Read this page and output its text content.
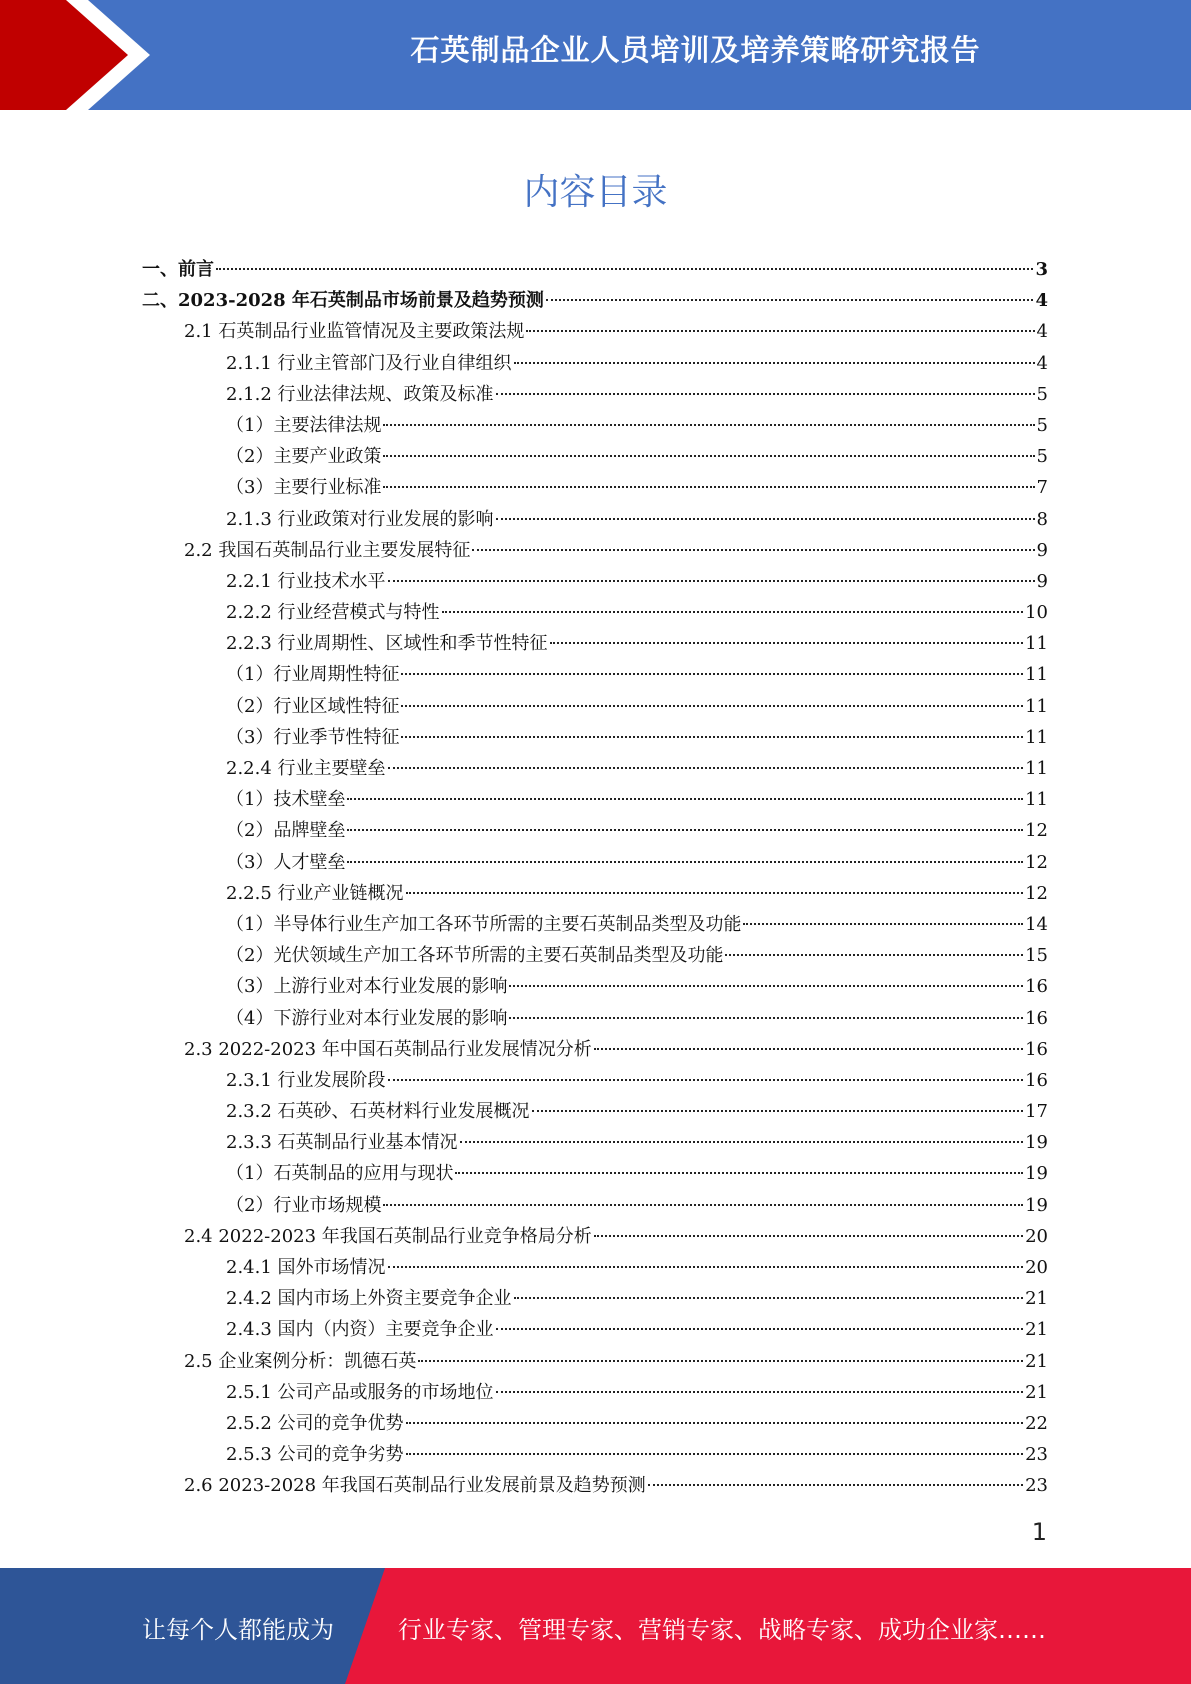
石英制品企业人员培训及培养策略研究报告
内容目录
一、前言	3
二、2023-2028 年石英制品市场前景及趋势预测	4
2.1 石英制品行业监管情况及主要政策法规	4
2.1.1 行业主管部门及行业自律组织	4
2.1.2 行业法律法规、政策及标准	5
（1）主要法律法规	5
（2）主要产业政策	5
（3）主要行业标准	7
2.1.3 行业政策对行业发展的影响	8
2.2 我国石英制品行业主要发展特征	9
2.2.1 行业技术水平	9
2.2.2 行业经营模式与特性	10
2.2.3 行业周期性、区域性和季节性特征	11
（1）行业周期性特征	11
（2）行业区域性特征	11
（3）行业季节性特征	11
2.2.4 行业主要壁垒	11
（1）技术壁垒	11
（2）品牌壁垒	12
（3）人才壁垒	12
2.2.5 行业产业链概况	12
（1）半导体行业生产加工各环节所需的主要石英制品类型及功能	14
（2）光伏领域生产加工各环节所需的主要石英制品类型及功能	15
（3）上游行业对本行业发展的影响	16
（4）下游行业对本行业发展的影响	16
2.3 2022-2023 年中国石英制品行业发展情况分析	16
2.3.1 行业发展阶段	16
2.3.2 石英砂、石英材料行业发展概况	17
2.3.3 石英制品行业基本情况	19
（1）石英制品的应用与现状	19
（2）行业市场规模	19
2.4 2022-2023 年我国石英制品行业竞争格局分析	20
2.4.1 国外市场情况	20
2.4.2 国内市场上外资主要竞争企业	21
2.4.3 国内（内资）主要竞争企业	21
2.5 企业案例分析：凯德石英	21
2.5.1 公司产品或服务的市场地位	21
2.5.2 公司的竞争优势	22
2.5.3 公司的竞争劣势	23
2.6 2023-2028 年我国石英制品行业发展前景及趋势预测	23
1
让每个人都能成为	行业专家、管理专家、营销专家、战略专家、成功企业家……
